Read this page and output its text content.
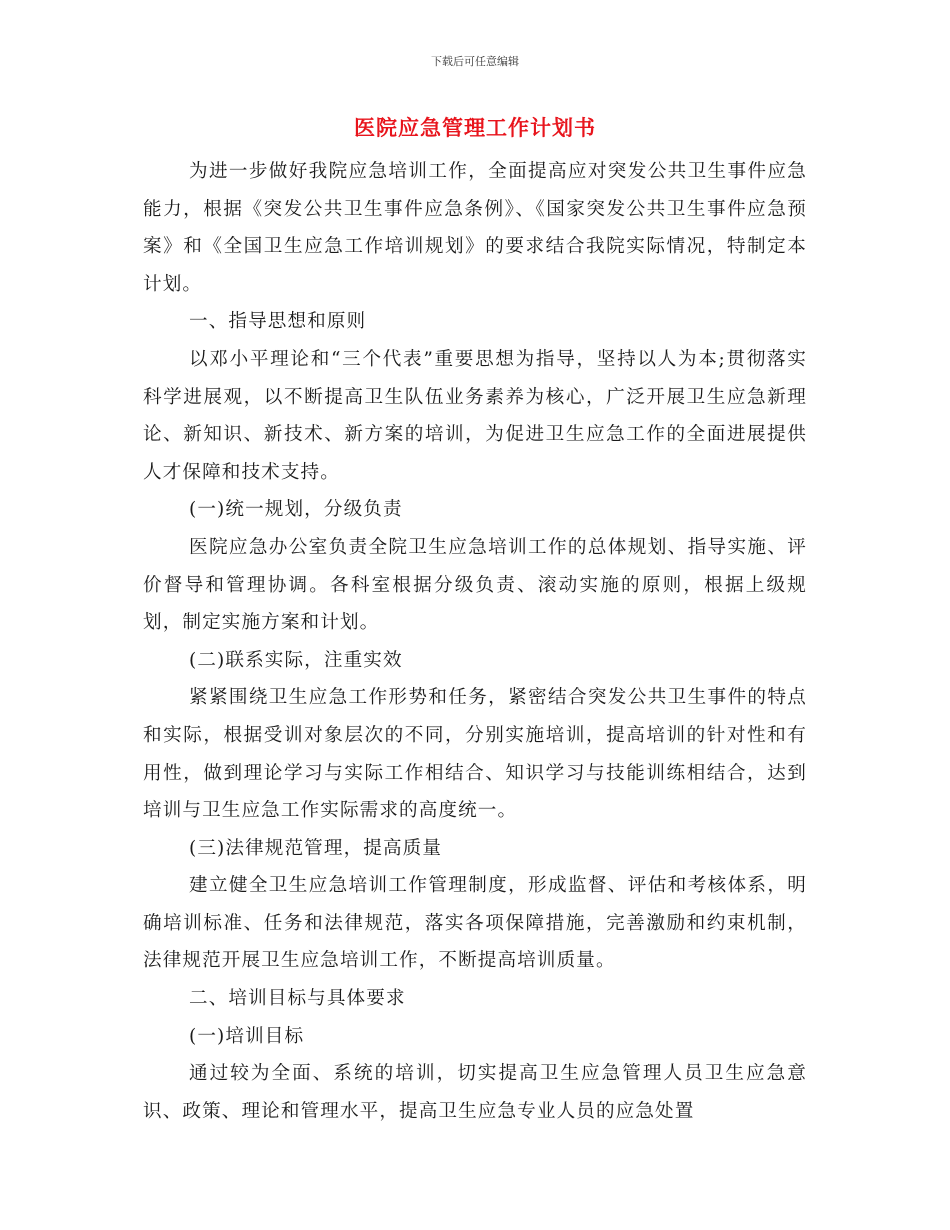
下载后可任意编辑
医院应急管理工作计划书

为进一步做好我院应急培训工作，全面提高应对突发公共卫生事件应急能力，根据《突发公共卫生事件应急条例》、《国家突发公共卫生事件应急预案》和《全国卫生应急工作培训规划》的要求结合我院实际情况，特制定本计划。

一、指导思想和原则

以邓小平理论和“三个代表”重要思想为指导，坚持以人为本;贯彻落实科学进展观，以不断提高卫生队伍业务素养为核心，广泛开展卫生应急新理论、新知识、新技术、新方案的培训，为促进卫生应急工作的全面进展提供人才保障和技术支持。

(一)统一规划，分级负责

医院应急办公室负责全院卫生应急培训工作的总体规划、指导实施、评价督导和管理协调。各科室根据分级负责、滚动实施的原则，根据上级规划，制定实施方案和计划。

(二)联系实际，注重实效

紧紧围绕卫生应急工作形势和任务，紧密结合突发公共卫生事件的特点和实际，根据受训对象层次的不同，分别实施培训，提高培训的针对性和有用性，做到理论学习与实际工作相结合、知识学习与技能训练相结合，达到培训与卫生应急工作实际需求的高度统一。

(三)法律规范管理，提高质量

建立健全卫生应急培训工作管理制度，形成监督、评估和考核体系，明确培训标准、任务和法律规范，落实各项保障措施，完善激励和约束机制，法律规范开展卫生应急培训工作，不断提高培训质量。

二、培训目标与具体要求

(一)培训目标

通过较为全面、系统的培训，切实提高卫生应急管理人员卫生应急意识、政策、理论和管理水平，提高卫生应急专业人员的应急处置
